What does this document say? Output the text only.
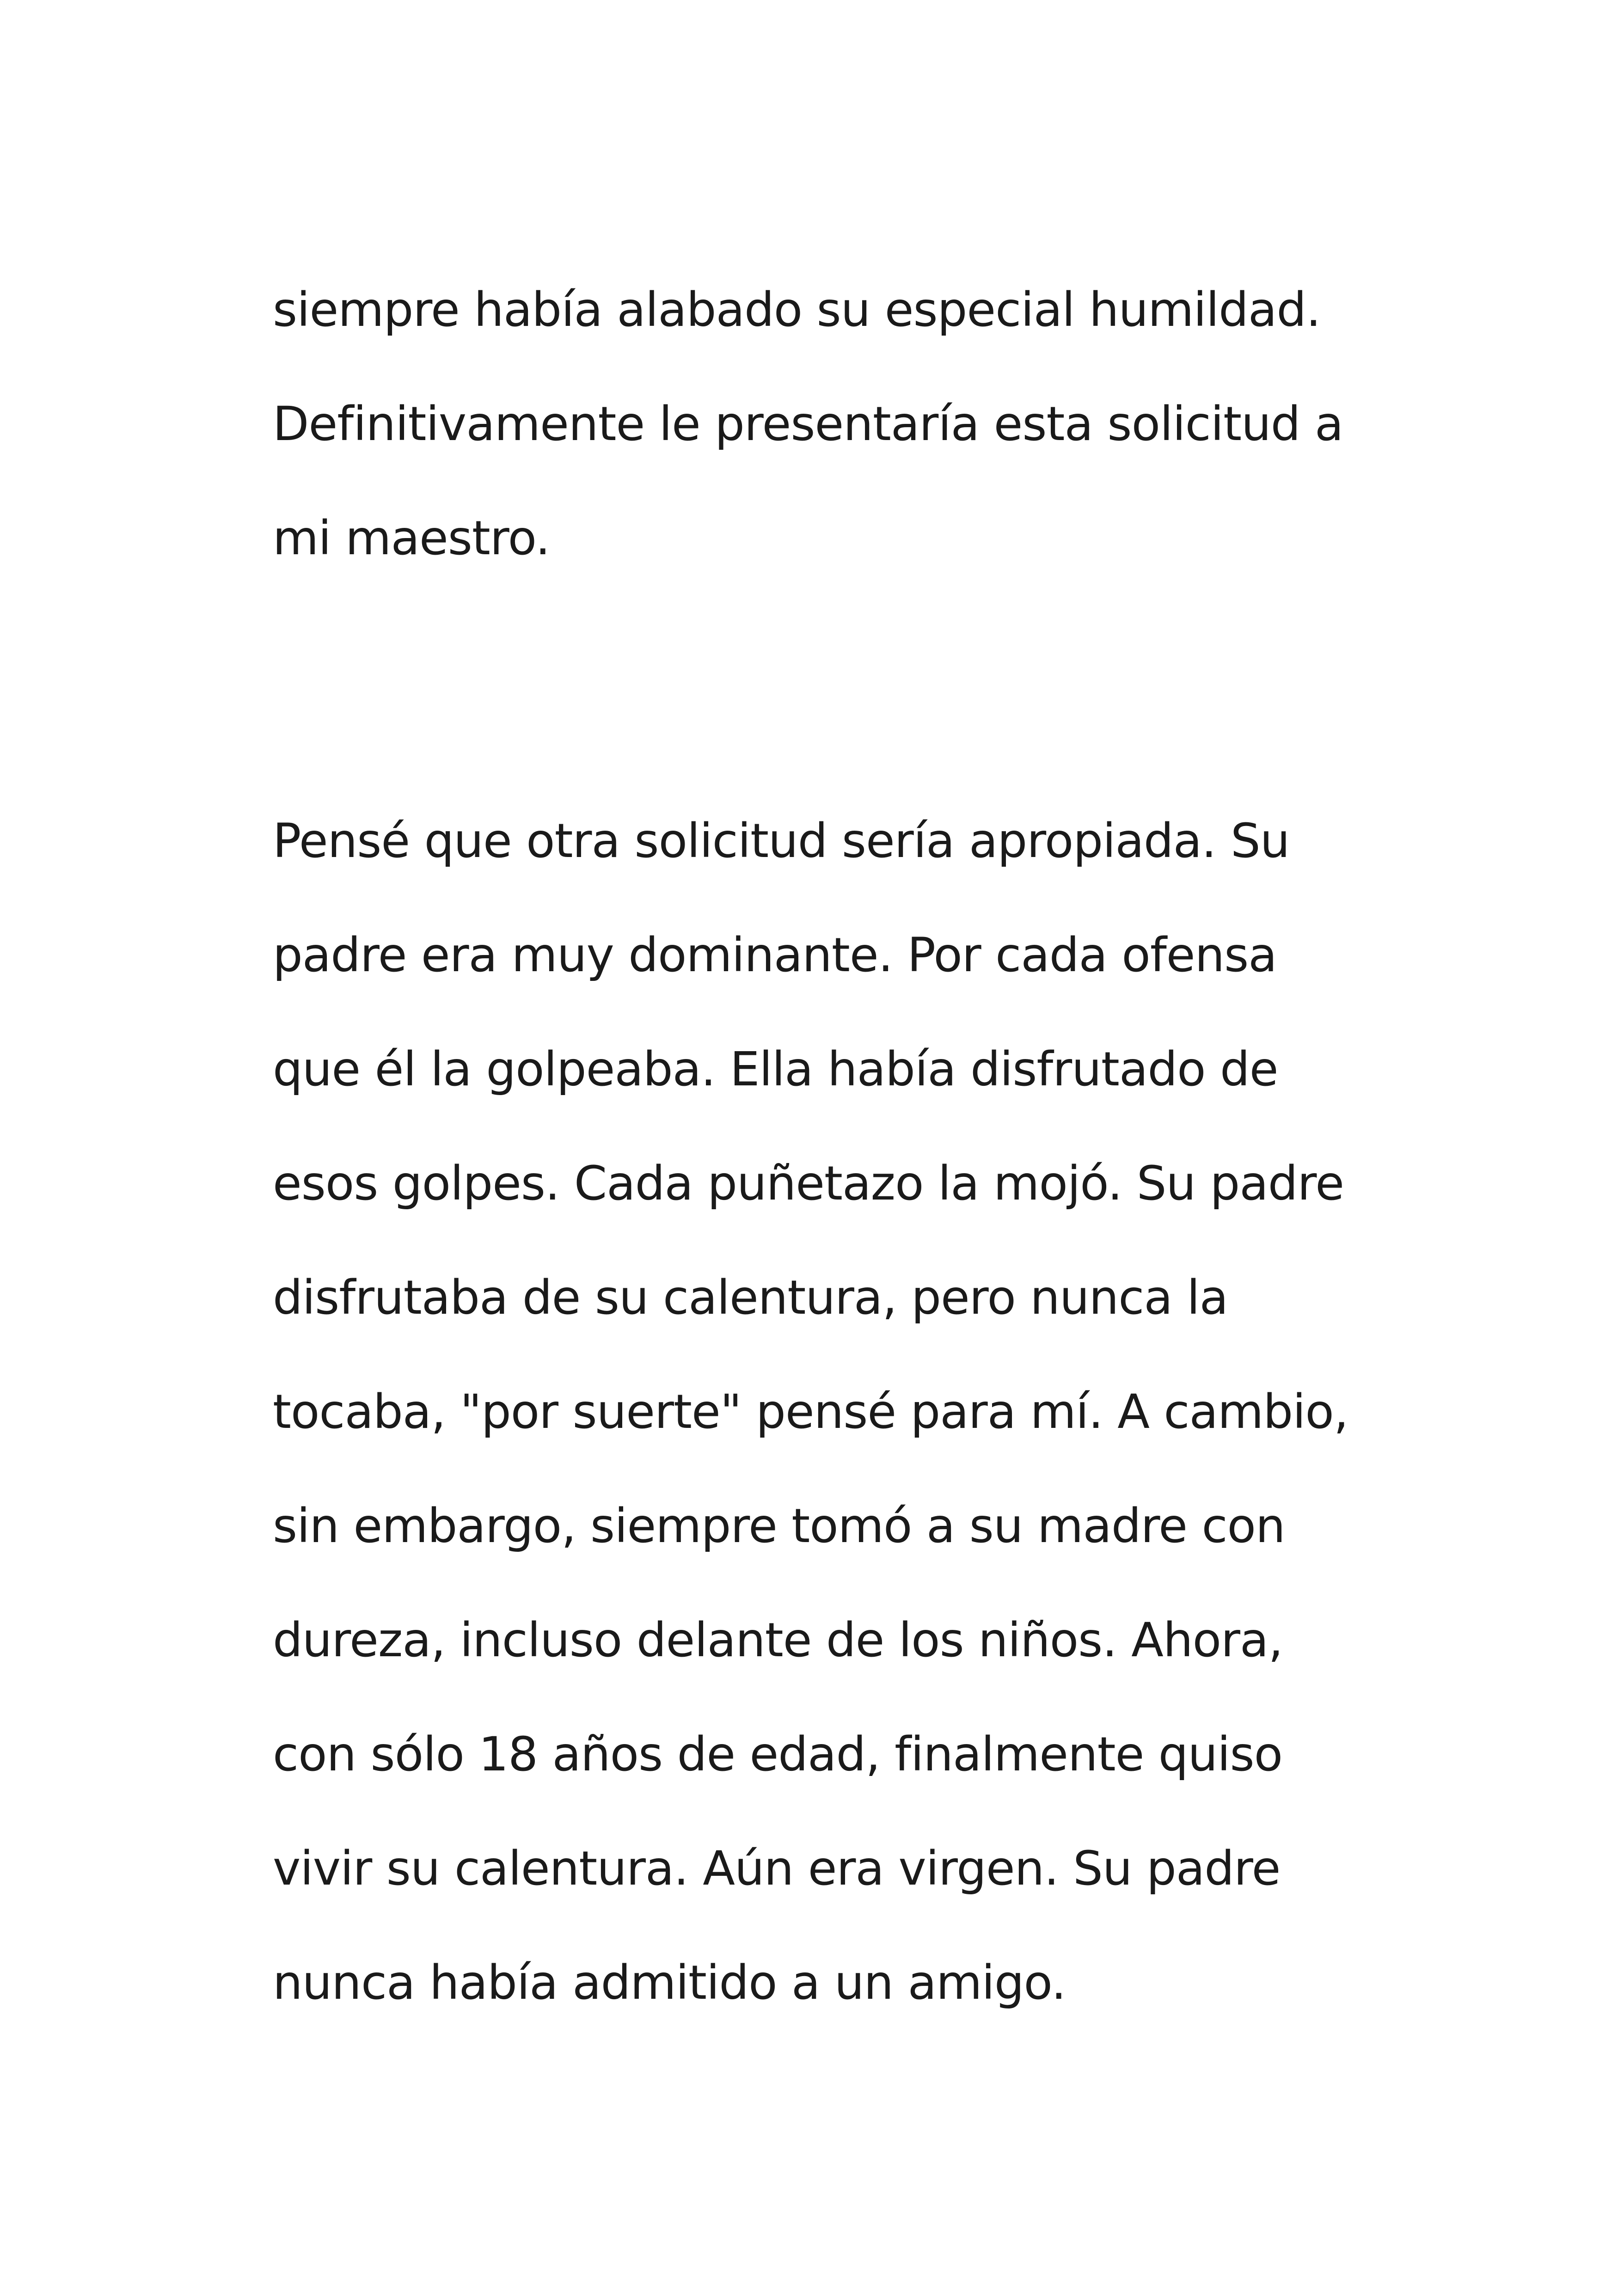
siempre había alabado su especial humildad.
Definitivamente le presentaría esta solicitud a
mi maestro.
Pensé que otra solicitud sería apropiada. Su
padre era muy dominante. Por cada ofensa
que él la golpeaba. Ella había disfrutado de
esos golpes. Cada puñetazo la mojó. Su padre
disfrutaba de su calentura, pero nunca la
tocaba, "por suerte" pensé para mí. A cambio,
sin embargo, siempre tomó a su madre con
dureza, incluso delante de los niños. Ahora,
con sólo 18 años de edad, finalmente quiso
vivir su calentura. Aún era virgen. Su padre
nunca había admitido a un amigo.
